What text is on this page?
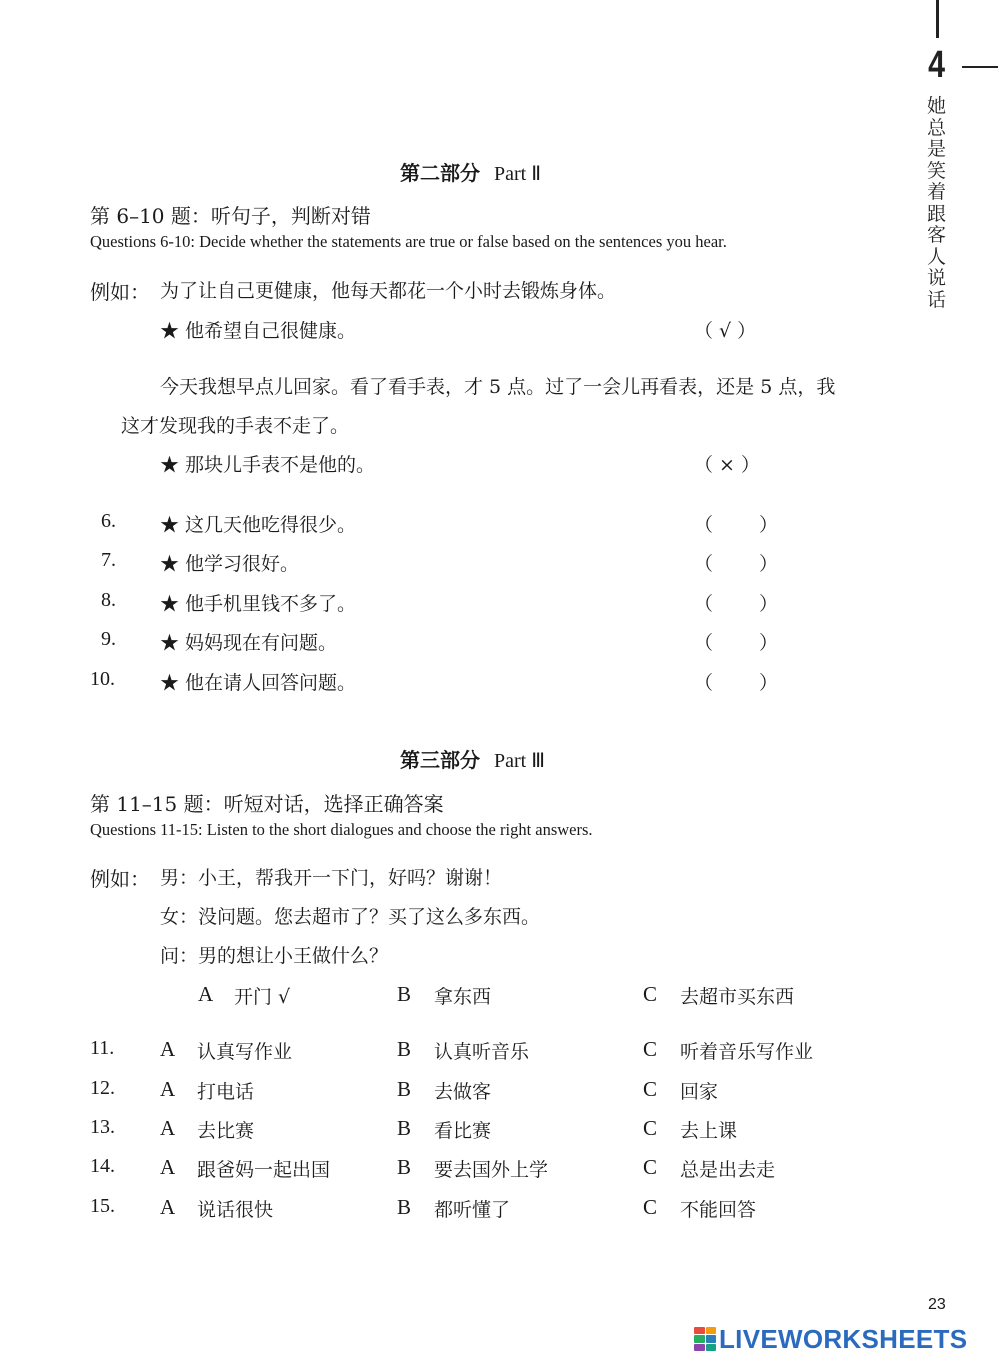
4
她总是笑着跟客人说话
第二部分 Part Ⅱ
第 6–10 题：听句子，判断对错
Questions 6-10: Decide whether the statements are true or false based on the sentences you hear.
例如： 为了让自己更健康，他每天都花一个小时去锻炼身体。
★ 他希望自己很健康。	（ √ ）
今天我想早点儿回家。看了看手表，才 5 点。过了一会儿再看表，还是 5 点，我
这才发现我的手表不走了。
★ 那块儿手表不是他的。	（ × ）
6. ★ 这几天他吃得很少。	（ ）
7. ★ 他学习很好。	（ ）
8. ★ 他手机里钱不多了。	（ ）
9. ★ 妈妈现在有问题。	（ ）
10. ★ 他在请人回答问题。	（ ）
第三部分 Part Ⅲ
第 11–15 题：听短对话，选择正确答案
Questions 11-15: Listen to the short dialogues and choose the right answers.
例如： 男：小王，帮我开一下门，好吗？谢谢！
女：没问题。您去超市了？买了这么多东西。
问：男的想让小王做什么？
A 开门 √	B 拿东西	C 去超市买东西
11. A 认真写作业	B 认真听音乐	C 听着音乐写作业
12. A 打电话	B 去做客	C 回家
13. A 去比赛	B 看比赛	C 去上课
14. A 跟爸妈一起出国	B 要去国外上学	C 总是出去走
15. A 说话很快	B 都听懂了	C 不能回答
23
LIVEWORKSHEETS
